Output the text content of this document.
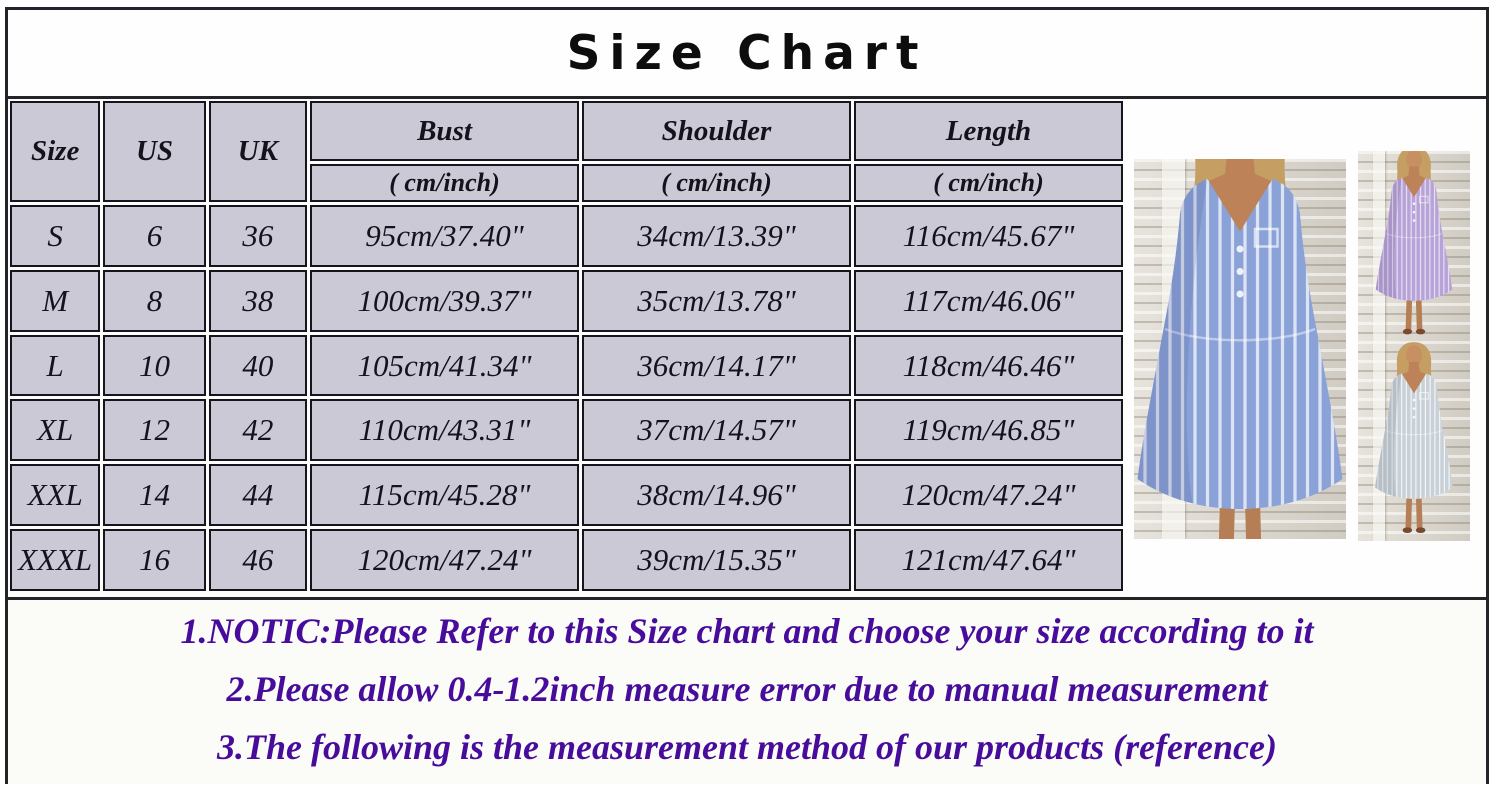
Size Chart
Size	US	UK	Bust	Shoulder	Length
			( cm/inch)	( cm/inch)	( cm/inch)
S	6	36	95cm/37.40"	34cm/13.39"	116cm/45.67"
M	8	38	100cm/39.37"	35cm/13.78"	117cm/46.06"
L	10	40	105cm/41.34"	36cm/14.17"	118cm/46.46"
XL	12	42	110cm/43.31"	37cm/14.57"	119cm/46.85"
XXL	14	44	115cm/45.28"	38cm/14.96"	120cm/47.24"
XXXL	16	46	120cm/47.24"	39cm/15.35"	121cm/47.64"
1.NOTIC:Please Refer to this Size chart and choose your size according to it
2.Please allow 0.4-1.2inch measure error due to manual measurement
3.The following is the measurement method of our products (reference)
